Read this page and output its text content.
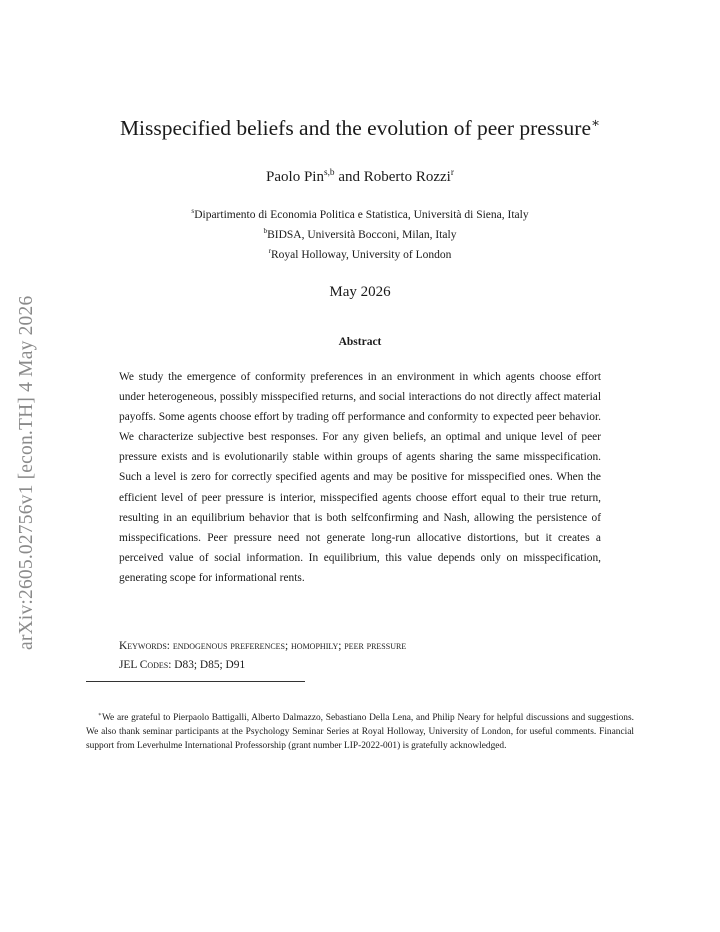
arXiv:2605.02756v1 [econ.TH] 4 May 2026
Misspecified beliefs and the evolution of peer pressure∗

Paolo Pin$^{s,b}$ and Roberto Rozzi$^r$

$^s$Dipartimento di Economia Politica e Statistica, Università di Siena, Italy

$^b$BIDSA, Università Bocconi, Milan, Italy

$^r$Royal Holloway, University of London

May 2026

Abstract

We study the emergence of conformity preferences in an environment in which agents choose effort under heterogeneous, possibly misspecified returns, and social interactions do not directly affect material payoffs. Some agents choose effort by trading off performance and conformity to expected peer behavior. We characterize subjective best responses. For any given beliefs, an optimal and unique level of peer pressure exists and is evolutionarily stable within groups of agents sharing the same misspecification. Such a level is zero for correctly specified agents and may be positive for misspecified ones. When the efficient level of peer pressure is interior, misspecified agents choose effort equal to their true return, resulting in an equilibrium behavior that is both selfconfirming and Nash, allowing the persistence of misspecifications. Peer pressure need not generate long-run allocative distortions, but it creates a perceived value of social information. In equilibrium, this value depends only on misspecification, generating scope for informational rents.

Keywords: endogenous preferences; homophily; peer pressure

JEL Codes: D83; D85; D91

∗We are grateful to Pierpaolo Battigalli, Alberto Dalmazzo, Sebastiano Della Lena, and Philip Neary for helpful discussions and suggestions. We also thank seminar participants at the Psychology Seminar Series at Royal Holloway, University of London, for useful comments. Financial support from Leverhulme International Professorship (grant number LIP-2022-001) is gratefully acknowledged.
